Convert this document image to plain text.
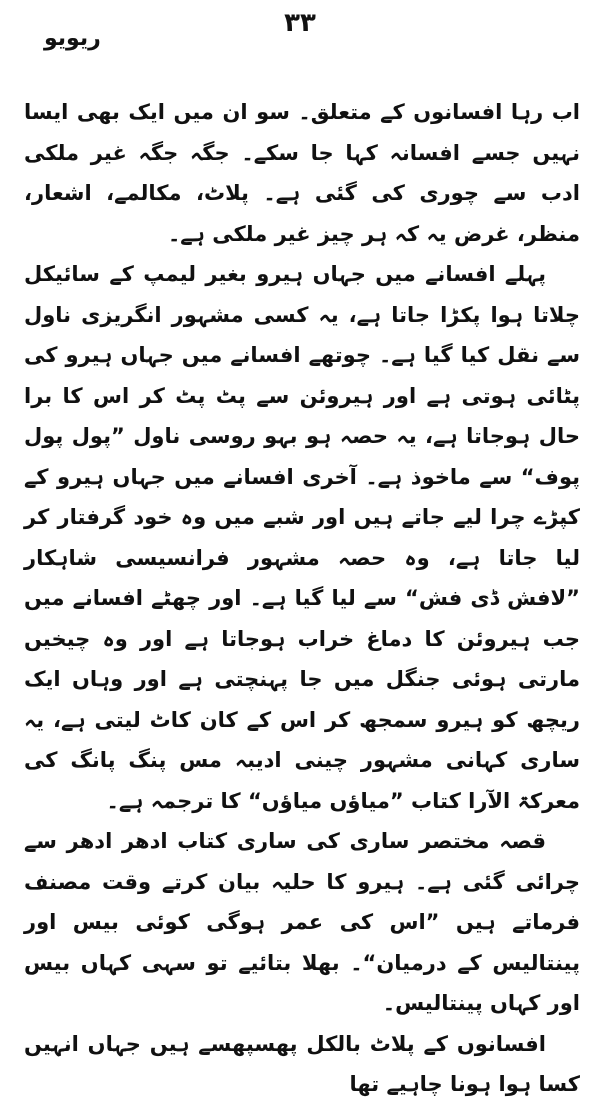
۳۳
ریویو

اب رہا افسانوں کے متعلق۔ سو ان میں ایک بھی ایسا نہیں جسے افسانہ کہا جا سکے۔ جگہ جگہ غیر ملکی ادب سے چوری کی گئی ہے۔ پلاٹ، مکالمے، اشعار، منظر، غرض یہ کہ ہر چیز غیر ملکی ہے۔

پہلے افسانے میں جہاں ہیرو بغیر لیمپ کے سائیکل چلاتا ہوا پکڑا جاتا ہے، یہ کسی مشہور انگریزی ناول سے نقل کیا گیا ہے۔ چوتھے افسانے میں جہاں ہیرو کی پٹائی ہوتی ہے اور ہیروئن سے پٹ پٹ کر اس کا برا حال ہوجاتا ہے، یہ حصہ ہو بہو روسی ناول ”پول پول پوف“ سے ماخوذ ہے۔ آخری افسانے میں جہاں ہیرو کے کپڑے چرا لیے جاتے ہیں اور شبے میں وہ خود گرفتار کر لیا جاتا ہے، وہ حصہ مشہور فرانسیسی شاہکار ”لافش ڈی فش“ سے لیا گیا ہے۔ اور چھٹے افسانے میں جب ہیروئن کا دماغ خراب ہوجاتا ہے اور وہ چیخیں مارتی ہوئی جنگل میں جا پہنچتی ہے اور وہاں ایک ریچھ کو ہیرو سمجھ کر اس کے کان کاٹ لیتی ہے، یہ ساری کہانی مشہور چینی ادیبہ مس پنگ پانگ کی معرکۃ الآرا کتاب ”میاؤں میاؤں“ کا ترجمہ ہے۔

قصہ مختصر ساری کی ساری کتاب ادھر ادھر سے چرائی گئی ہے۔ ہیرو کا حلیہ بیان کرتے وقت مصنف فرماتے ہیں ”اس کی عمر ہوگی کوئی بیس اور پینتالیس کے درمیان“۔ بھلا بتائیے تو سہی کہاں بیس اور کہاں پینتالیس۔

افسانوں کے پلاٹ بالکل پھسپھسے ہیں جہاں انہیں کسا ہوا ہونا چاہیے تھا
